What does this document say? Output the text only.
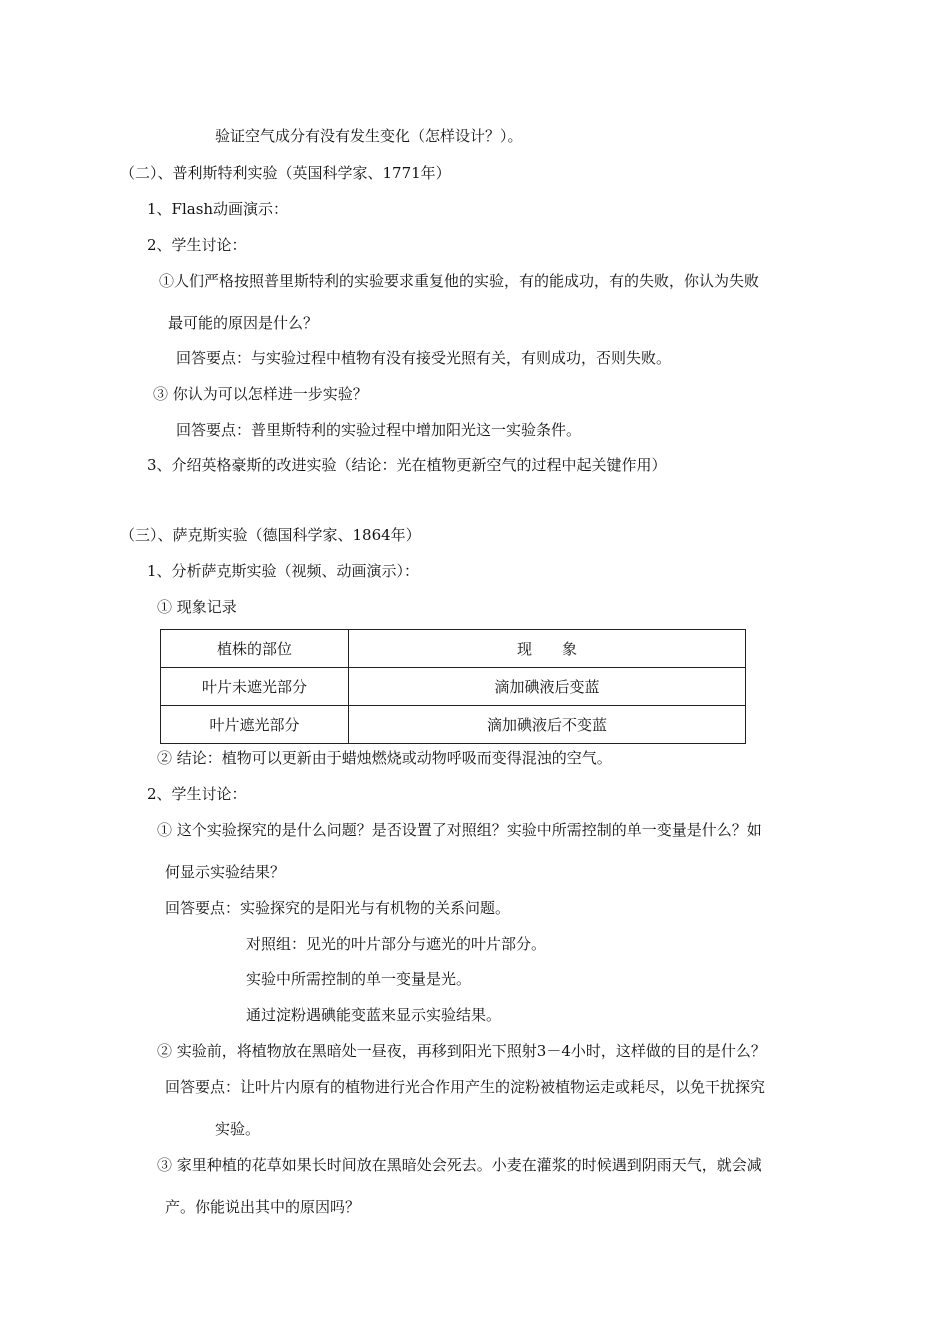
验证空气成分有没有发生变化（怎样设计？）。
（二）、普利斯特利实验（英国科学家、1771年）
1、Flash动画演示：
2、学生讨论：
①人们严格按照普里斯特利的实验要求重复他的实验，有的能成功，有的失败，你认为失败
最可能的原因是什么？
回答要点：与实验过程中植物有没有接受光照有关，有则成功，否则失败。
③ 你认为可以怎样进一步实验？
回答要点：普里斯特利的实验过程中增加阳光这一实验条件。
3、介绍英格豪斯的改进实验（结论：光在植物更新空气的过程中起关键作用）
（三）、萨克斯实验（德国科学家、1864年）
1、分析萨克斯实验（视频、动画演示）：
① 现象记录
植株的部位	现　　象
叶片未遮光部分	滴加碘液后变蓝
叶片遮光部分	滴加碘液后不变蓝
② 结论：植物可以更新由于蜡烛燃烧或动物呼吸而变得混浊的空气。
2、学生讨论：
① 这个实验探究的是什么问题？是否设置了对照组？实验中所需控制的单一变量是什么？如
何显示实验结果？
回答要点：实验探究的是阳光与有机物的关系问题。
对照组：见光的叶片部分与遮光的叶片部分。
实验中所需控制的单一变量是光。
通过淀粉遇碘能变蓝来显示实验结果。
② 实验前，将植物放在黑暗处一昼夜，再移到阳光下照射3－4小时，这样做的目的是什么？
回答要点：让叶片内原有的植物进行光合作用产生的淀粉被植物运走或耗尽，以免干扰探究
实验。
③ 家里种植的花草如果长时间放在黑暗处会死去。小麦在灌浆的时候遇到阴雨天气，就会减
产。你能说出其中的原因吗？
